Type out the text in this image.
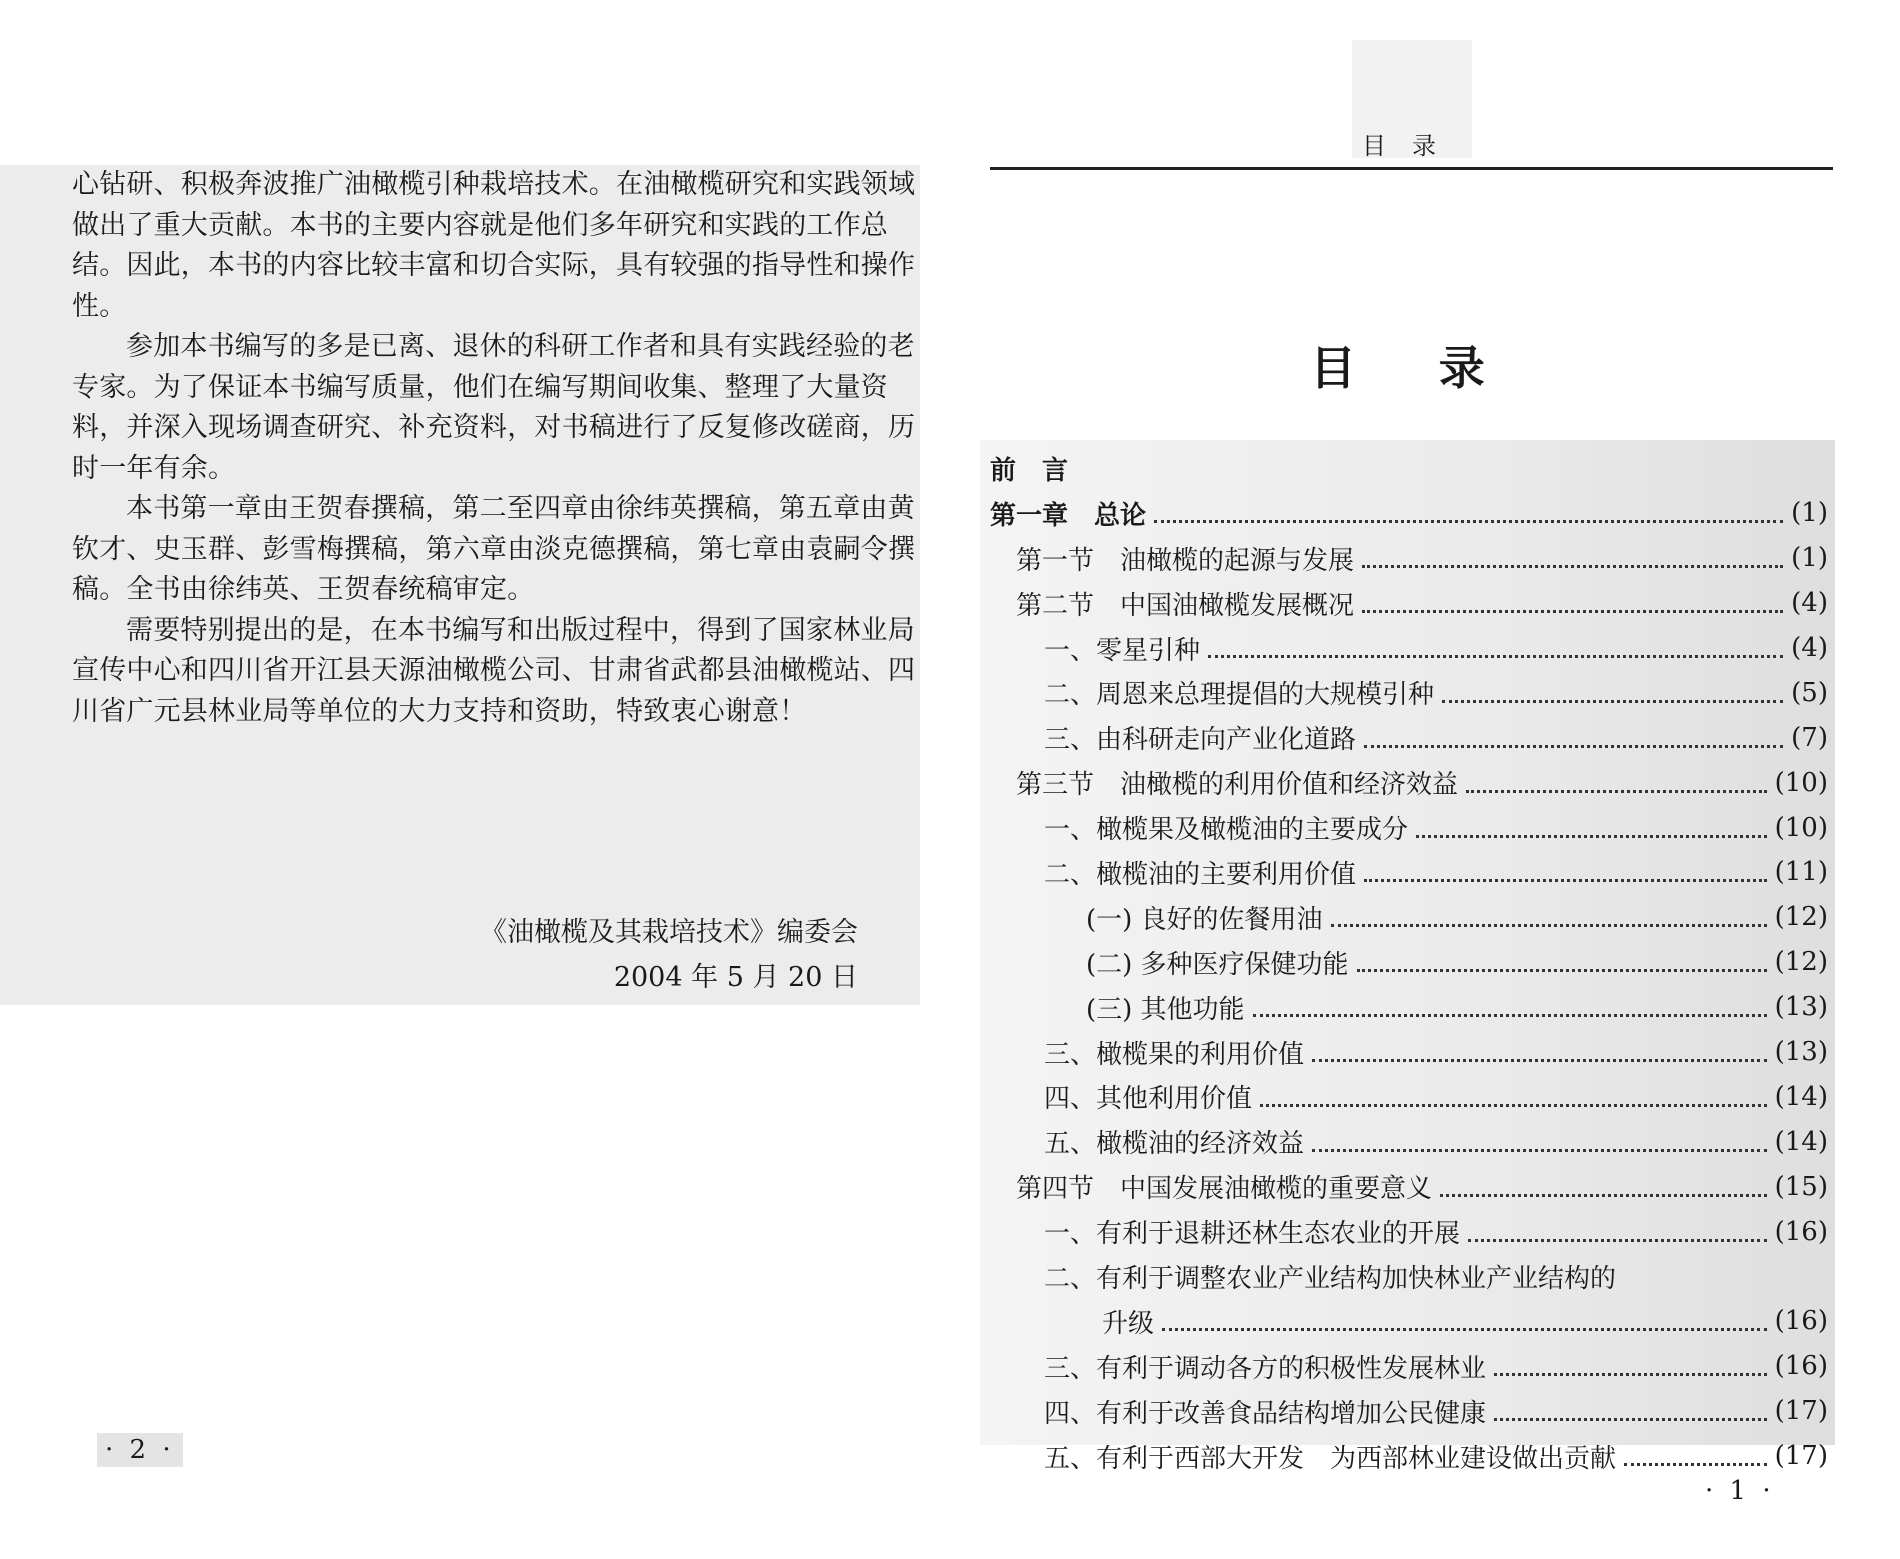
心钻研、积极奔波推广油橄榄引种栽培技术。在油橄榄研究和实践领域做出了重大贡献。本书的主要内容就是他们多年研究和实践的工作总结。因此，本书的内容比较丰富和切合实际，具有较强的指导性和操作性。

参加本书编写的多是已离、退休的科研工作者和具有实践经验的老专家。为了保证本书编写质量，他们在编写期间收集、整理了大量资料，并深入现场调查研究、补充资料，对书稿进行了反复修改磋商，历时一年有余。

本书第一章由王贺春撰稿，第二至四章由徐纬英撰稿，第五章由黄钦才、史玉群、彭雪梅撰稿，第六章由淡克德撰稿，第七章由袁嗣令撰稿。全书由徐纬英、王贺春统稿审定。

需要特别提出的是，在本书编写和出版过程中，得到了国家林业局宣传中心和四川省开江县天源油橄榄公司、甘肃省武都县油橄榄站、四川省广元县林业局等单位的大力支持和资助，特致衷心谢意！

《油橄榄及其栽培技术》编委会
2004 年 5 月 20 日
· 2 ·
目录
目录
前　言
第一章　总论	(1)
第一节　油橄榄的起源与发展	(1)
第二节　中国油橄榄发展概况	(4)
一、零星引种	(4)
二、周恩来总理提倡的大规模引种	(5)
三、由科研走向产业化道路	(7)
第三节　油橄榄的利用价值和经济效益	(10)
一、橄榄果及橄榄油的主要成分	(10)
二、橄榄油的主要利用价值	(11)
(一) 良好的佐餐用油	(12)
(二) 多种医疗保健功能	(12)
(三) 其他功能	(13)
三、橄榄果的利用价值	(13)
四、其他利用价值	(14)
五、橄榄油的经济效益	(14)
第四节　中国发展油橄榄的重要意义	(15)
一、有利于退耕还林生态农业的开展	(16)
二、有利于调整农业产业结构加快林业产业结构的
升级	(16)
三、有利于调动各方的积极性发展林业	(16)
四、有利于改善食品结构增加公民健康	(17)
五、有利于西部大开发　为西部林业建设做出贡献	(17)
· 1 ·
